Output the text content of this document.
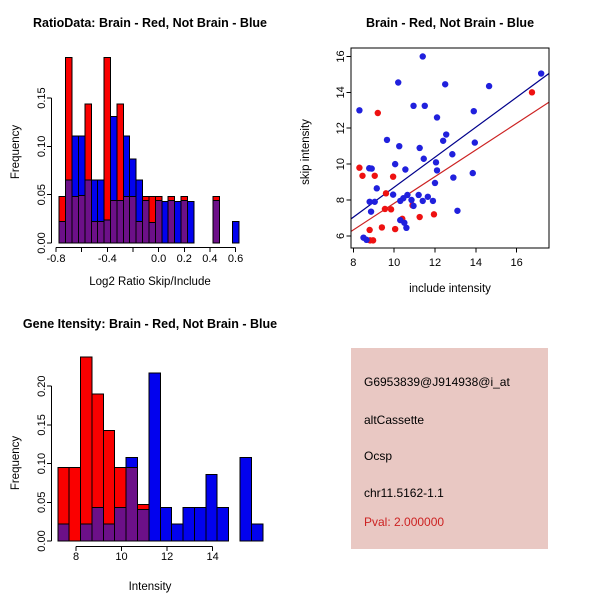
-0.8	-0.4	0.0 0.2 0.4 0.6
0.00
0.05
0.10
0.15
8	10	12	14	16
6
8
10
12
14
16
8	10	12	14
0.00
0.05
0.10
0.15
0.20
RatioData: Brain - Red, Not Brain - Blue	Brain - Red, Not Brain - Blue
Gene Itensity: Brain - Red, Not Brain - Blue
Log2 Ratio Skip/Include
include intensity
Intensity
Frequency	skip intensity
Frequency
G6953839@J914938@i_at
altCassette
Ocsp
chr11.5162-1.1
Pval: 2.000000
